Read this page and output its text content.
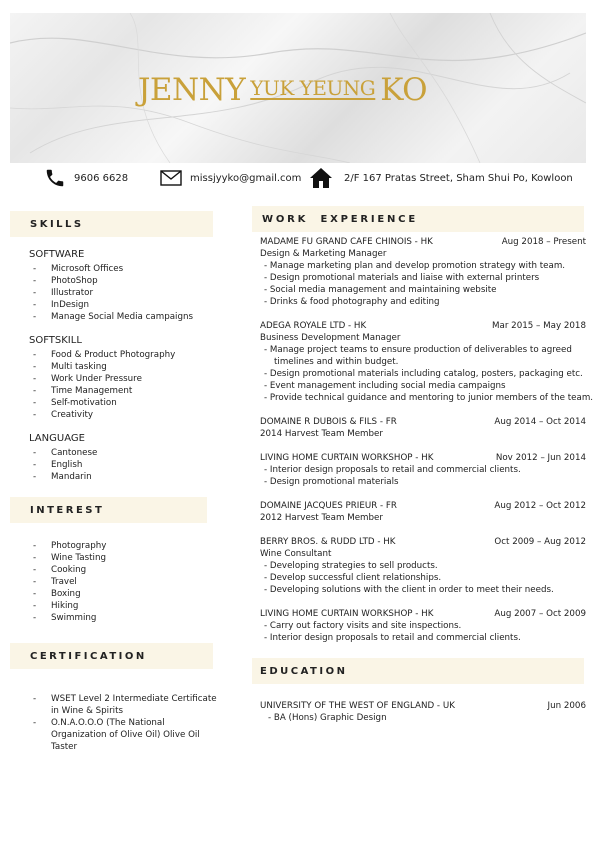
JENNY $^{YUK YEUNG}$ KO
9606 6628	missjyyko@gmail.com	2/F 167 Pratas Street, Sham Shui Po, Kowloon
SKILLS
SOFTWARE
- Microsoft Offices
- PhotoShop
- Illustrator
- InDesign
- Manage Social Media campaigns
SOFTSKILL
- Food & Product Photography
- Multi tasking
- Work Under Pressure
- Time Management
- Self-motivation
- Creativity
LANGUAGE
- Cantonese
- English
- Mandarin
INTEREST
- Photography
- Wine Tasting
- Cooking
- Travel
- Boxing
- Hiking
- Swimming
CERTIFICATION
- WSET Level 2 Intermediate Certificate in Wine & Spirits
- O.N.A.O.O.O (The National Organization of Olive Oil) Olive Oil Taster
WORK EXPERIENCE
MADAME FU GRAND CAFE CHINOIS - HK	Aug 2018 – Present
Design & Marketing Manager
- Manage marketing plan and develop promotion strategy with team.
- Design promotional materials and liaise with external printers
- Social media management and maintaining website
- Drinks & food photography and editing
ADEGA ROYALE LTD - HK	Mar 2015 – May 2018
Business Development Manager
- Manage project teams to ensure production of deliverables to agreed
timelines and within budget.
- Design promotional materials including catalog, posters, packaging etc.
- Event management including social media campaigns
- Provide technical guidance and mentoring to junior members of the team.
DOMAINE R DUBOIS & FILS - FR	Aug 2014 – Oct 2014
2014 Harvest Team Member
LIVING HOME CURTAIN WORKSHOP - HK	Nov 2012 – Jun 2014
- Interior design proposals to retail and commercial clients.
- Design promotional materials
DOMAINE JACQUES PRIEUR - FR	Aug 2012 – Oct 2012
2012 Harvest Team Member
BERRY BROS. & RUDD LTD - HK	Oct 2009 – Aug 2012
Wine Consultant
- Developing strategies to sell products.
- Develop successful client relationships.
- Developing solutions with the client in order to meet their needs.
LIVING HOME CURTAIN WORKSHOP - HK	Aug 2007 – Oct 2009
- Carry out factory visits and site inspections.
- Interior design proposals to retail and commercial clients.
EDUCATION
UNIVERSITY OF THE WEST OF ENGLAND - UK	Jun 2006
- BA (Hons) Graphic Design
